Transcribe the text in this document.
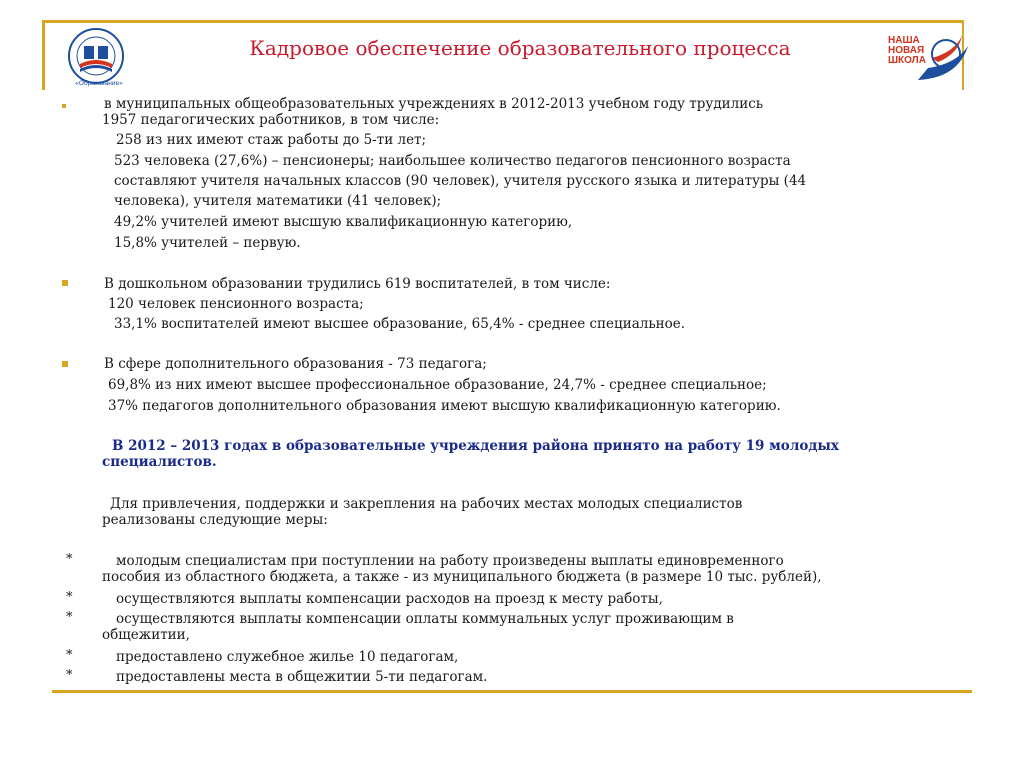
«Образование»
НАША
НОВАЯ
ШКОЛА
Кадровое обеспечение образовательного процесса
в муниципальных общеобразовательных учреждениях в 2012-2013 учебном году трудились
1957 педагогических работников, в том числе:
258 из них имеют стаж работы до 5-ти лет;
523 человека (27,6%) – пенсионеры; наибольшее количество педагогов пенсионного возраста
составляют учителя начальных классов (90 человек), учителя русского языка и литературы (44
человека), учителя математики (41 человек);
49,2% учителей имеют высшую квалификационную категорию,
15,8% учителей – первую.
В дошкольном образовании трудились 619 воспитателей, в том числе:
120 человек пенсионного возраста;
33,1% воспитателей имеют высшее образование, 65,4% - среднее специальное.
В сфере дополнительного образования - 73 педагога;
69,8% из них имеют высшее профессиональное образование, 24,7% - среднее специальное;
37% педагогов дополнительного образования имеют высшую квалификационную категорию.
В 2012 – 2013 годах в образовательные учреждения района принято на работу 19 молодых
специалистов.
Для привлечения, поддержки и закрепления на рабочих местах молодых специалистов
реализованы следующие меры:
*	молодым специалистам при поступлении на работу произведены выплаты единовременного
пособия из областного бюджета, а также - из муниципального бюджета (в размере 10 тыс. рублей),
*	осуществляются выплаты компенсации расходов на проезд к месту работы,
*	осуществляются выплаты компенсации оплаты коммунальных услуг проживающим в
общежитии,
*	предоставлено служебное жилье 10 педагогам,
*	предоставлены места в общежитии 5-ти педагогам.
